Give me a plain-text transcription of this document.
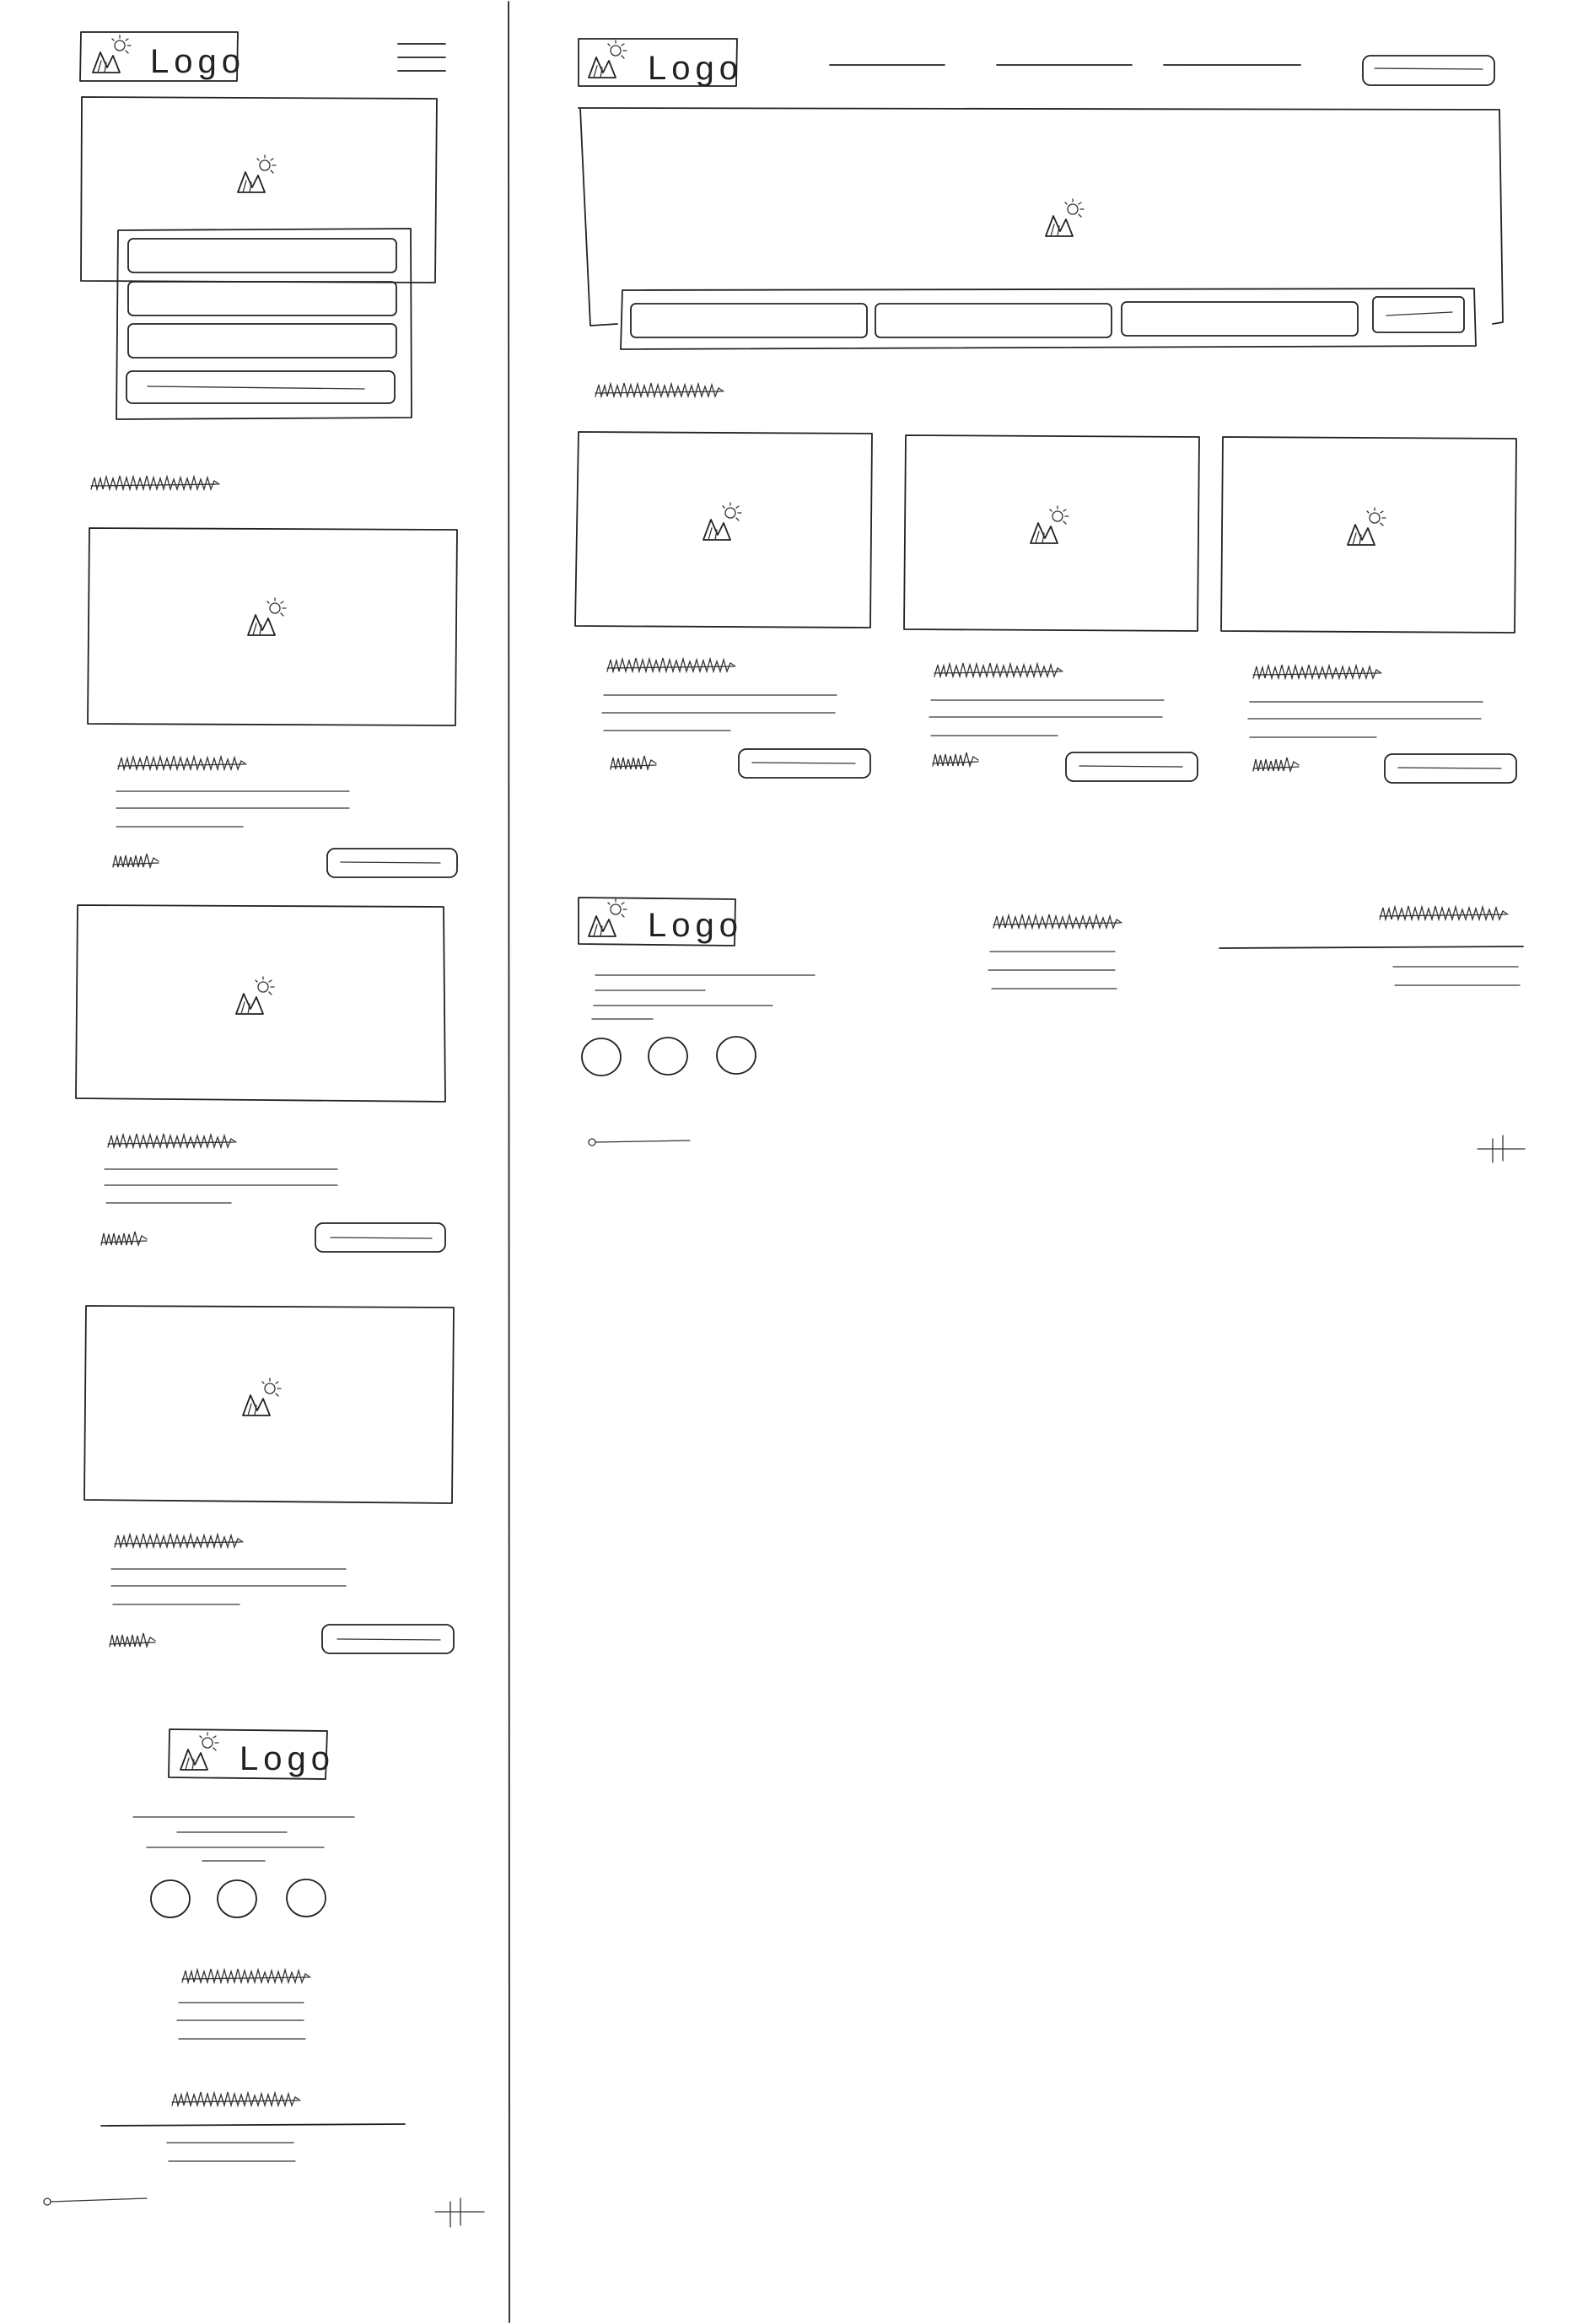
Logo
Logo
Logo
Logo
